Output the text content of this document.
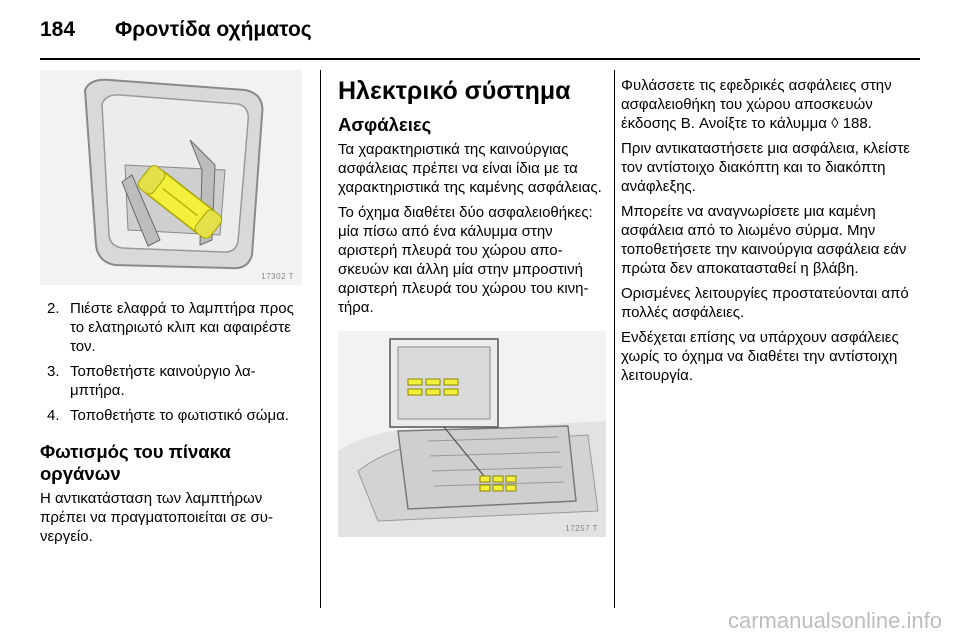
184	Φροντίδα οχήματος
17302 T
2. Πιέστε ελαφρά το λαμπτήρα προς το ελατηριωτό κλιπ και αφαιρέστε τον.
3. Τοποθετήστε καινούργιο λαμπτήρα.
4. Τοποθετήστε το φωτιστικό σώμα.
Φωτισμός του πίνακα οργάνων

Η αντικατάσταση των λαμπτήρων πρέπει να πραγματοποιείται σε συνεργείο.

Ηλεκτρικό σύστημα
Ασφάλειες

Τα χαρακτηριστικά της καινούργιας ασφάλειας πρέπει να είναι ίδια με τα χαρακτηριστικά της καμένης ασφάλειας.

Το όχημα διαθέτει δύο ασφαλειοθήκες: μία πίσω από ένα κάλυμμα στην αριστερή πλευρά του χώρου αποσκευών και άλλη μία στην μπροστινή αριστερή πλευρά του χώρου του κινητήρα.

17257 T

Φυλάσσετε τις εφεδρικές ασφάλειες στην ασφαλειοθήκη του χώρου αποσκευών έκδοσης B. Ανοίξτε το κάλυμμα ◊ 188.

Πριν αντικαταστήσετε μια ασφάλεια, κλείστε τον αντίστοιχο διακόπτη και το διακόπτη ανάφλεξης.

Μπορείτε να αναγνωρίσετε μια καμένη ασφάλεια από το λιωμένο σύρμα. Μην τοποθετήσετε την καινούργια ασφάλεια εάν πρώτα δεν αποκατασταθεί η βλάβη.

Ορισμένες λειτουργίες προστατεύονται από πολλές ασφάλειες.

Ενδέχεται επίσης να υπάρχουν ασφάλειες χωρίς το όχημα να διαθέτει την αντίστοιχη λειτουργία.

carmanualsonline.info
